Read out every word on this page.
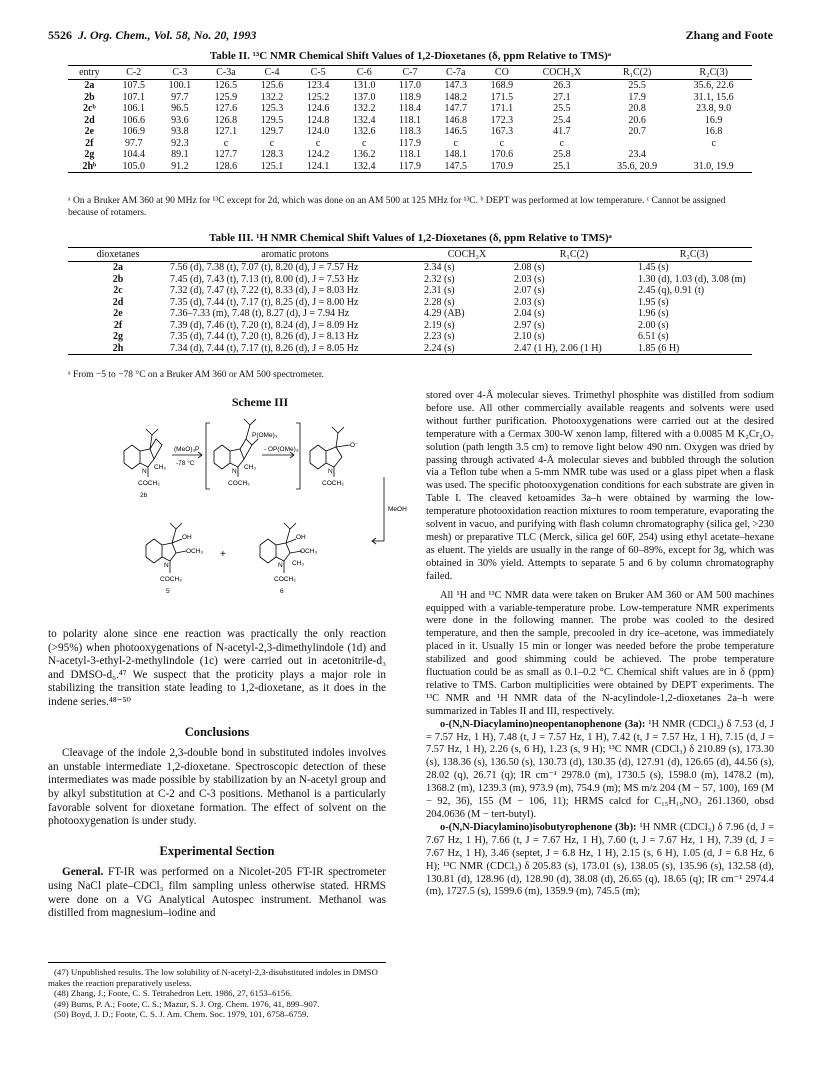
5526 J. Org. Chem., Vol. 58, No. 20, 1993	Zhang and Foote
Table II. ¹³C NMR Chemical Shift Values of 1,2-Dioxetanes (δ, ppm Relative to TMS)ᵃ
entry	C-2	C-3	C-3a	C-4	C-5	C-6	C-7	C-7a	CO	COCH₃X	R₁C(2)	R₂C(3)
2a	107.5	100.1	126.5	125.6	123.4	131.0	117.0	147.3	168.9	26.3	25.5	35.6, 22.6
2b	107.1	97.7	125.9	132.2	125.2	137.0	118.9	148.2	171.5	27.1	17.9	31.1, 15.6
2cᵇ	106.1	96.5	127.6	125.3	124.6	132.2	118.4	147.7	171.1	25.5	20.8	23.8, 9.0
2d	106.6	93.6	126.8	129.5	124.8	132.4	118.1	146.8	172.3	25.4	20.6	16.9
2e	106.9	93.8	127.1	129.7	124.0	132.6	118.3	146.5	167.3	41.7	20.7	16.8
2f	97.7	92.3	c	c	c	c	117.9	c	c	c		c
2g	104.4	89.1	127.7	128.3	124.2	136.2	118.1	148.1	170.6	25.8	23.4	
2hᵇ	105.0	91.2	128.6	125.1	124.1	132.4	117.9	147.5	170.9	25.1	35.6, 20.9	31.0, 19.9
ᵃ On a Bruker AM 360 at 90 MHz for ¹³C except for 2d, which was done on an AM 500 at 125 MHz for ¹³C. ᵇ DEPT was performed at low temperature. ᶜ Cannot be assigned because of rotamers.
Table III. ¹H NMR Chemical Shift Values of 1,2-Dioxetanes (δ, ppm Relative to TMS)ᵃ
dioxetanes	aromatic protons	COCH₃X	R₁C(2)	R₂C(3)
2a	7.56 (d), 7.38 (t), 7.07 (t), 8.20 (d), J = 7.57 Hz	2.34 (s)	2.08 (s)	1.45 (s)
2b	7.45 (d), 7.43 (t), 7.13 (t), 8.00 (d), J = 7.53 Hz	2.32 (s)	2.03 (s)	1.30 (d), 1.03 (d), 3.08 (m)
2c	7.32 (d), 7.47 (t), 7.22 (t), 8.33 (d), J = 8.03 Hz	2.31 (s)	2.07 (s)	2.45 (q), 0.91 (t)
2d	7.35 (d), 7.44 (t), 7.17 (t), 8.25 (d), J = 8.00 Hz	2.28 (s)	2.03 (s)	1.95 (s)
2e	7.36–7.33 (m), 7.48 (t), 8.27 (d), J = 7.94 Hz	4.29 (AB)	2.04 (s)	1.96 (s)
2f	7.39 (d), 7.46 (t), 7.20 (t), 8.24 (d), J = 8.09 Hz	2.19 (s)	2.97 (s)	2.00 (s)
2g	7.35 (d), 7.44 (t), 7.20 (t), 8.26 (d), J = 8.13 Hz	2.23 (s)	2.10 (s)	6.51 (s)
2h	7.34 (d), 7.44 (t), 7.17 (t), 8.26 (d), J = 8.05 Hz	2.24 (s)	2.47 (1 H), 2.06 (1 H)	1.85 (6 H)
ᵃ From −5 to −78 °C on a Bruker AM 360 or AM 500 spectrometer.
Scheme III
N
CH₃
COCH₃
2b
(MeO)₃P
-78 °C
P(OMe)₃
N
CH₃
COCH₃
- OP(OMe)₃
O⁻
N
COCH₃
MeOH
OH
OCH₃
N
COCH₃
5
+
OH
OCH₃
CH₃
N
COCH₃
6

to polarity alone since ene reaction was practically the only reaction (>95%) when photooxygenations of N-acetyl-2,3-dimethylindole (1d) and N-acetyl-3-ethyl-2-methylindole (1c) were carried out in acetonitrile-d₃ and DMSO-d₆.⁴⁷ We suspect that the proticity plays a major role in stabilizing the transition state leading to 1,2-dioxetane, as it does in the indene series.⁴⁸⁻⁵⁰

Conclusions

Cleavage of the indole 2,3-double bond in substituted indoles involves an unstable intermediate 1,2-dioxetane. Spectroscopic detection of these intermediates was made possible by stabilization by an N-acetyl group and by alkyl substitution at C-2 and C-3 positions. Methanol is a particularly favorable solvent for dioxetane formation. The effect of solvent on the photooxygenation is under study.

Experimental Section

General. FT-IR was performed on a Nicolet-205 FT-IR spectrometer using NaCl plate–CDCl₃ film sampling unless otherwise stated. HRMS were done on a VG Analytical Autospec instrument. Methanol was distilled from magnesium–iodine and

(47) Unpublished results. The low solubility of N-acetyl-2,3-disubstituted indoles in DMSO makes the reaction preparatively useless.
(48) Zhang, J.; Foote, C. S. Tetrahedron Lett. 1986, 27, 6153–6156.
(49) Burns, P. A.; Foote, C. S.; Mazur, S. J. Org. Chem. 1976, 41, 899–907.
(50) Boyd, J. D.; Foote, C. S. J. Am. Chem. Soc. 1979, 101, 6758–6759.

stored over 4-Å molecular sieves. Trimethyl phosphite was distilled from sodium before use. All other commercially available reagents and solvents were used without further purification. Photooxygenations were carried out at the desired temperature with a Cermax 300-W xenon lamp, filtered with a 0.0085 M K₂Cr₂O₇ solution (path length 3.5 cm) to remove light below 490 nm. Oxygen was dried by passing through activated 4-Å molecular sieves and bubbled through the solution via a Teflon tube when a 5-mm NMR tube was used or a glass pipet when a flask was used. The specific photooxygenation conditions for each substrate are given in Table I. The cleaved ketoamides 3a–h were obtained by warming the low-temperature photooxidation reaction mixtures to room temperature, evaporating the solvent in vacuo, and purifying with flash column chromatography (silica gel, >230 mesh) or preparative TLC (Merck, silica gel 60F, 254) using ethyl acetate–hexane as eluent. The yields are usually in the range of 60–89%, except for 3g, which was obtained in 30% yield. Attempts to separate 5 and 6 by column chromatography failed.

All ¹H and ¹³C NMR data were taken on Bruker AM 360 or AM 500 machines equipped with a variable-temperature probe. Low-temperature NMR experiments were done in the following manner. The probe was cooled to the desired temperature, and then the sample, precooled in dry ice–acetone, was immediately placed in it. Usually 15 min or longer was needed before the probe temperature stabilized and good shimming could be achieved. The probe temperature fluctuation could be as small as 0.1–0.2 °C. Chemical shift values are in δ (ppm) relative to TMS. Carbon multiplicities were obtained by DEPT experiments. The ¹³C NMR and ¹H NMR data of the N-acylindole-1,2-dioxetanes 2a–h were summarized in Tables II and III, respectively.

o-(N,N-Diacylamino)neopentanophenone (3a): ¹H NMR (CDCl₃) δ 7.53 (d, J = 7.57 Hz, 1 H), 7.48 (t, J = 7.57 Hz, 1 H), 7.42 (t, J = 7.57 Hz, 1 H), 7.15 (d, J = 7.57 Hz, 1 H), 2.26 (s, 6 H), 1.23 (s, 9 H); ¹³C NMR (CDCl₃) δ 210.89 (s), 173.30 (s), 138.36 (s), 136.50 (s), 130.73 (d), 130.35 (d), 127.91 (d), 126.65 (d), 44.56 (s), 28.02 (q), 26.71 (q); IR cm⁻¹ 2978.0 (m), 1730.5 (s), 1598.0 (m), 1478.2 (m), 1368.2 (m), 1239.3 (m), 973.9 (m), 754.9 (m); MS m/z 204 (M − 57, 100), 169 (M − 92, 36), 155 (M − 106, 11); HRMS calcd for C₁₅H₁₉NO₃ 261.1360, obsd 204.0636 (M − tert-butyl).

o-(N,N-Diacylamino)isobutyrophenone (3b): ¹H NMR (CDCl₃) δ 7.96 (d, J = 7.67 Hz, 1 H), 7.66 (t, J = 7.67 Hz, 1 H), 7.60 (t, J = 7.67 Hz, 1 H), 7.39 (d, J = 7.67 Hz, 1 H), 3.46 (septet, J = 6.8 Hz, 1 H), 2.15 (s, 6 H), 1.05 (d, J = 6.8 Hz, 6 H); ¹³C NMR (CDCl₃) δ 205.83 (s), 173.01 (s), 138.05 (s), 135.96 (s), 132.58 (d), 130.81 (d), 128.96 (d), 128.90 (d), 38.08 (d), 26.65 (q), 18.65 (q); IR cm⁻¹ 2974.4 (m), 1727.5 (s), 1599.6 (m), 1359.9 (m), 745.5 (m);
